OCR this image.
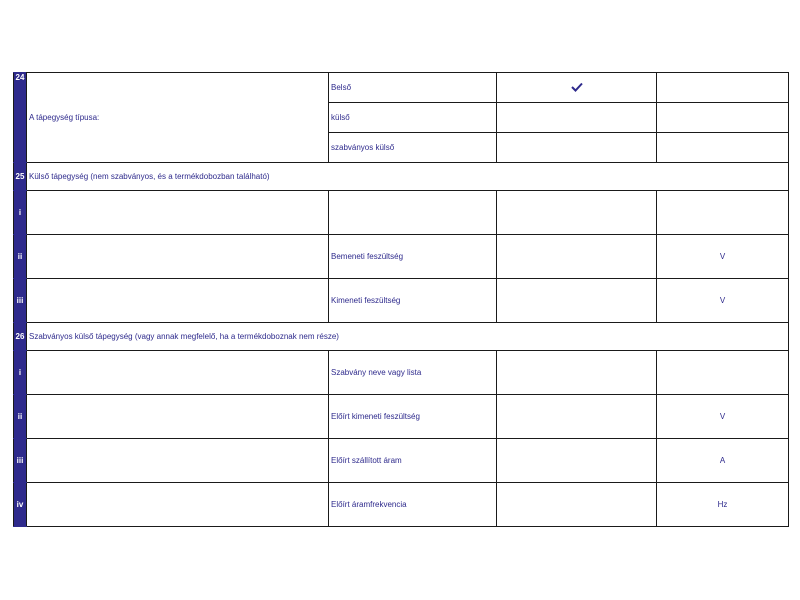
24	A tápegység típusa:	Belső		
		külső		
		szabványos külső		
25	Külső tápegység (nem szabványos, és a termékdobozban található)			
i				
ii		Bemeneti feszültség		V
iii		Kimeneti feszültség		V
26	Szabványos külső tápegység (vagy annak megfelelő, ha a termékdoboznak nem része)			
i		Szabvány neve vagy lista		
ii		Előírt kimeneti feszültség		V
iii		Előírt szállított áram		A
iv		Előírt áramfrekvencia		Hz
